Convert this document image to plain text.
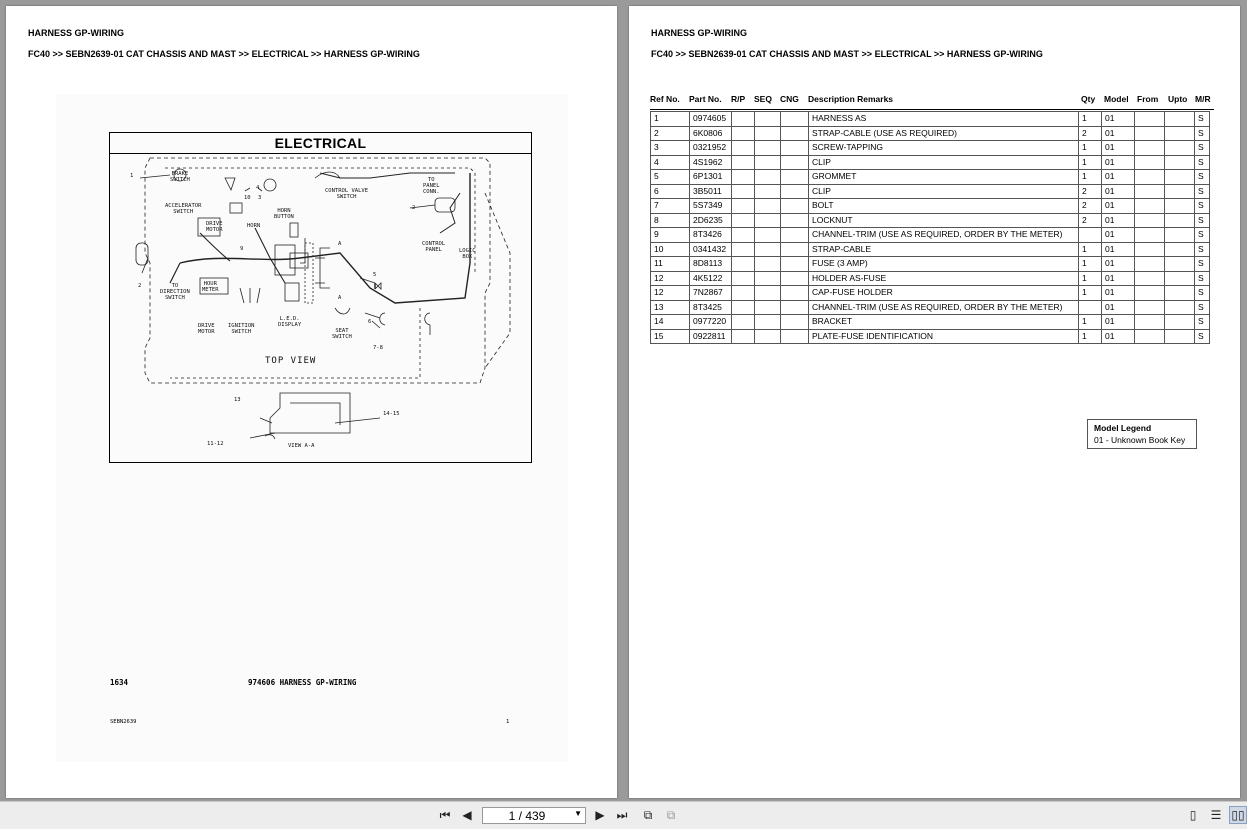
HARNESS GP-WIRING
FC40 >> SEBN2639-01 CAT CHASSIS AND MAST >> ELECTRICAL >> HARNESS GP-WIRING
ELECTRICAL
BRAKE
SWITCH
1
ACCELERATOR
SWITCH
DRIVE
MOTOR
HORN
BUTTON
HORN
CONTROL VALVE
SWITCH
TO
PANEL
CONN.
CONTROL
PANEL	LOGIC
BOX
TO
DIRECTION
SWITCH
HOUR
METER
DRIVE
MOTOR
IGNITION
SWITCH
L.E.D.
DISPLAY
SEAT
SWITCH
TOP VIEW
VIEW A-A
2
2
3
4
5
6
7-8
9
10
11-12
13
14-15
A
A
1634	974606 HARNESS GP-WIRING
SEBN2639	1
HARNESS GP-WIRING
FC40 >> SEBN2639-01 CAT CHASSIS AND MAST >> ELECTRICAL >> HARNESS GP-WIRING
Ref No. Part No. R/P SEQ CNG Description Remarks	Qty Model From Upto M/R
1	0974605				HARNESS AS	1	01			S
2	6K0806				STRAP-CABLE (USE AS REQUIRED)	2	01			S
3	0321952				SCREW-TAPPING	1	01			S
4	4S1962				CLIP	1	01			S
5	6P1301				GROMMET	1	01			S
6	3B5011				CLIP	2	01			S
7	5S7349				BOLT	2	01			S
8	2D6235				LOCKNUT	2	01			S
9	8T3426				CHANNEL-TRIM (USE AS REQUIRED, ORDER BY THE METER)		01			S
10	0341432				STRAP-CABLE	1	01			S
11	8D8113				FUSE (3 AMP)	1	01			S
12	4K5122				HOLDER AS-FUSE	1	01			S
12	7N2867				CAP-FUSE HOLDER	1	01			S
13	8T3425				CHANNEL-TRIM (USE AS REQUIRED, ORDER BY THE METER)		01			S
14	0977220				BRACKET	1	01			S
15	0922811				PLATE-FUSE IDENTIFICATION	1	01			S
Model Legend
01 - Unknown Book Key
⏮ ◀	1 / 439	▼	▶ ⏭	⧉	⧉	▯	☰ ▯▯
